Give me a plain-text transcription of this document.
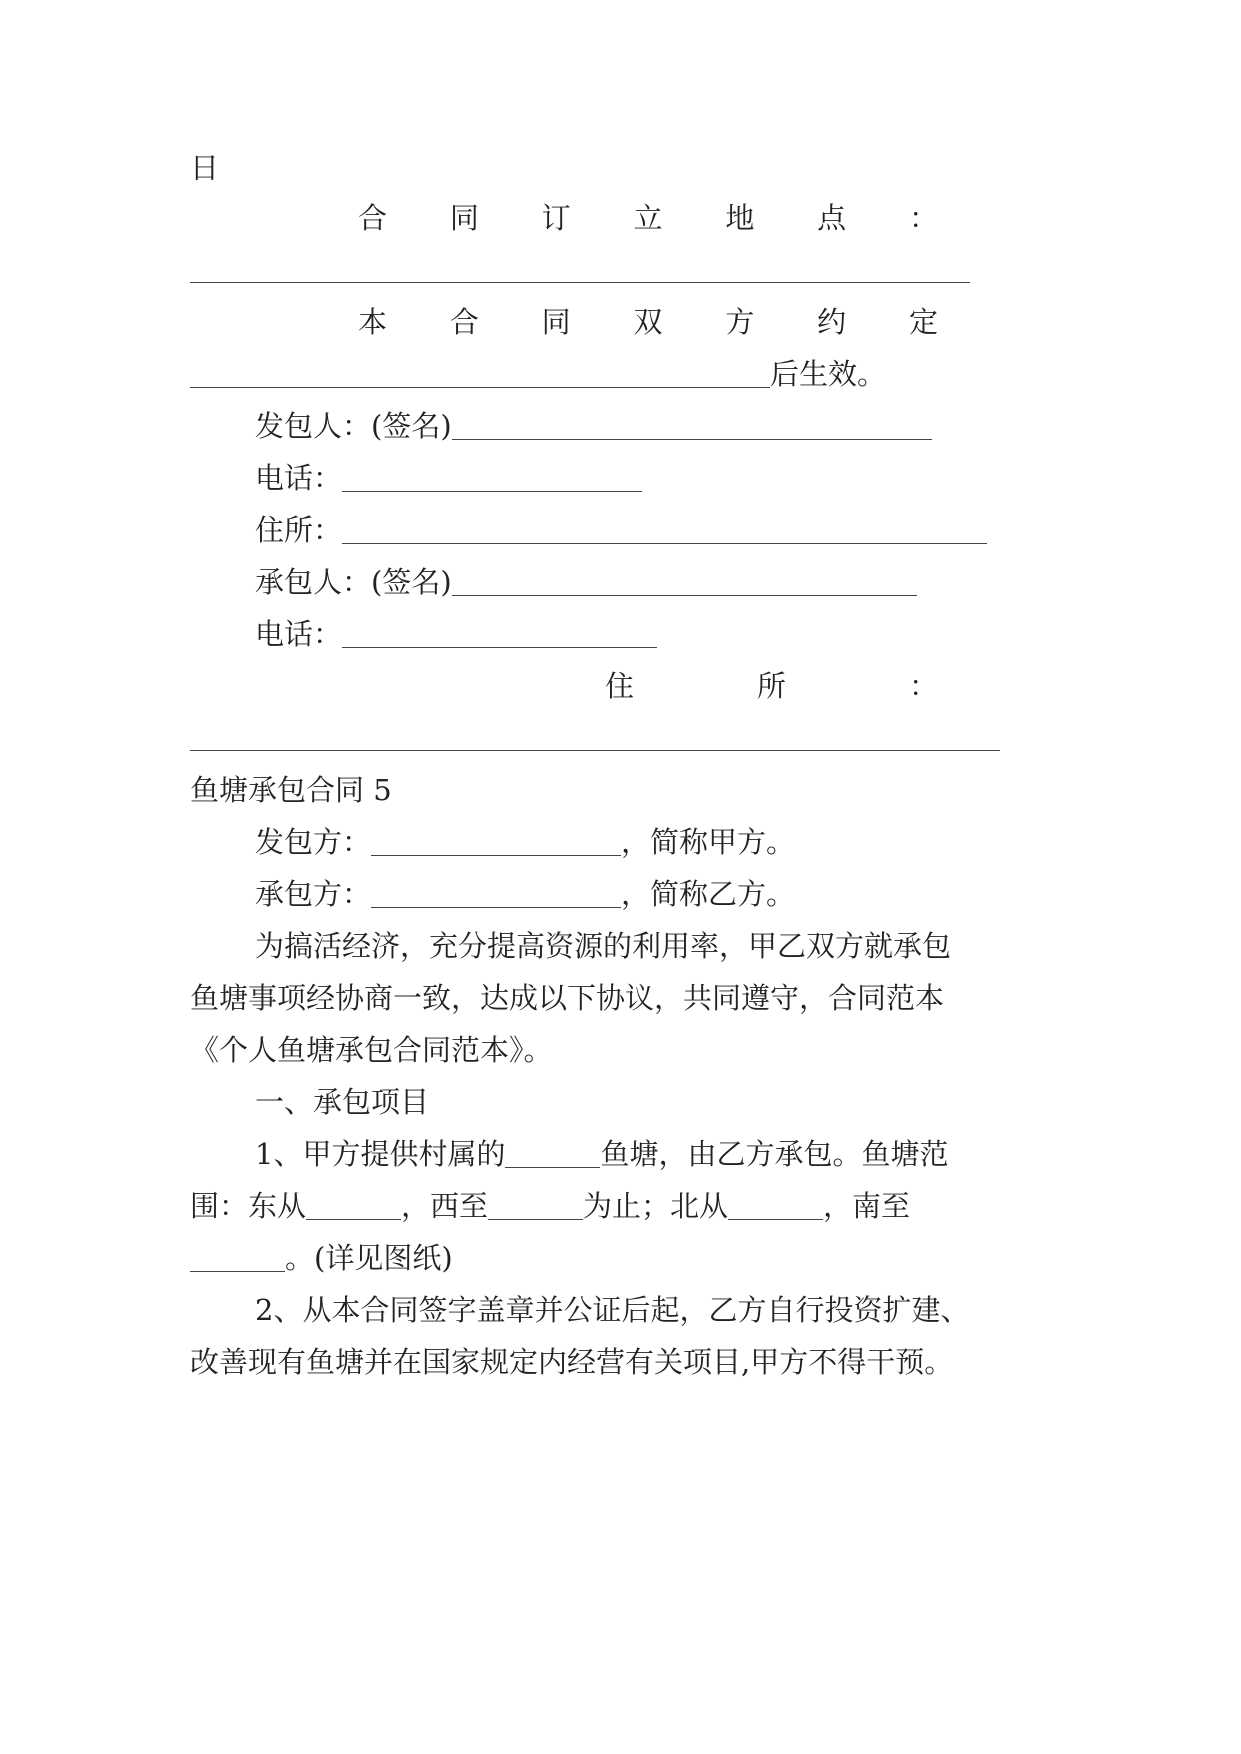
日
合 同 订 立 地 点 ：
本 合 同 双 方 约 定
后生效。
发包人：(签名)
电话：
住所：
承包人：(签名)
电话：
住	所	：
鱼塘承包合同 5
发包方：	，简称甲方。
承包方：	，简称乙方。
为搞活经济，充分提高资源的利用率，甲乙双方就承包
鱼塘事项经协商一致，达成以下协议，共同遵守，合同范本
《个人鱼塘承包合同范本》。
一、承包项目
1、甲方提供村属的	鱼塘，由乙方承包。鱼塘范
围：东从	，西至	为止；北从	，南至
。(详见图纸)
2、从本合同签字盖章并公证后起，乙方自行投资扩建、
改善现有鱼塘并在国家规定内经营有关项目,甲方不得干预。
